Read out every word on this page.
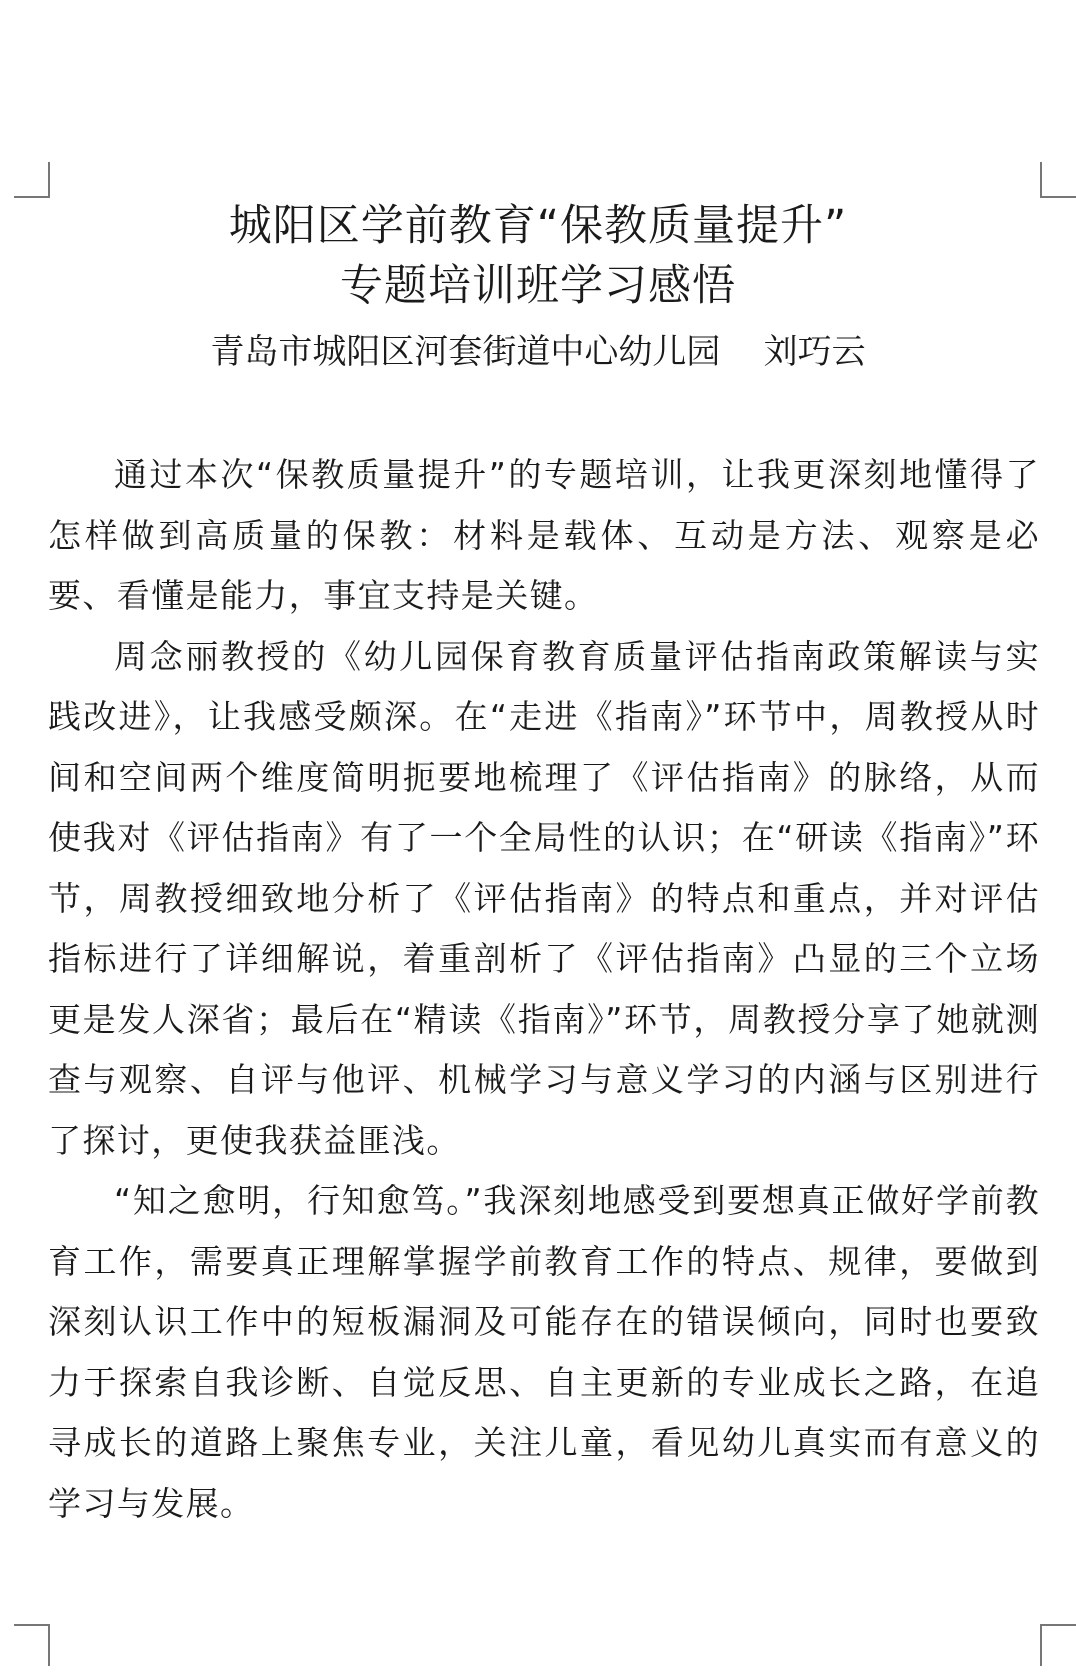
城阳区学前教育“保教质量提升”
专题培训班学习感悟
青岛市城阳区河套街道中心幼儿园    刘巧云

通过本次“保教质量提升”的专题培训，让我更深刻地懂得了怎样做到高质量的保教：材料是载体、互动是方法、观察是必要、看懂是能力，事宜支持是关键。

周念丽教授的《幼儿园保育教育质量评估指南政策解读与实践改进》，让我感受颇深。在“走进《指南》”环节中，周教授从时间和空间两个维度简明扼要地梳理了《评估指南》的脉络，从而使我对《评估指南》有了一个全局性的认识；在“研读《指南》”环节，周教授细致地分析了《评估指南》的特点和重点，并对评估指标进行了详细解说，着重剖析了《评估指南》凸显的三个立场更是发人深省；最后在“精读《指南》”环节，周教授分享了她就测查与观察、自评与他评、机械学习与意义学习的内涵与区别进行了探讨，更使我获益匪浅。

“知之愈明，行知愈笃。”我深刻地感受到要想真正做好学前教育工作，需要真正理解掌握学前教育工作的特点、规律，要做到深刻认识工作中的短板漏洞及可能存在的错误倾向，同时也要致力于探索自我诊断、自觉反思、自主更新的专业成长之路，在追寻成长的道路上聚焦专业，关注儿童，看见幼儿真实而有意义的学习与发展。
